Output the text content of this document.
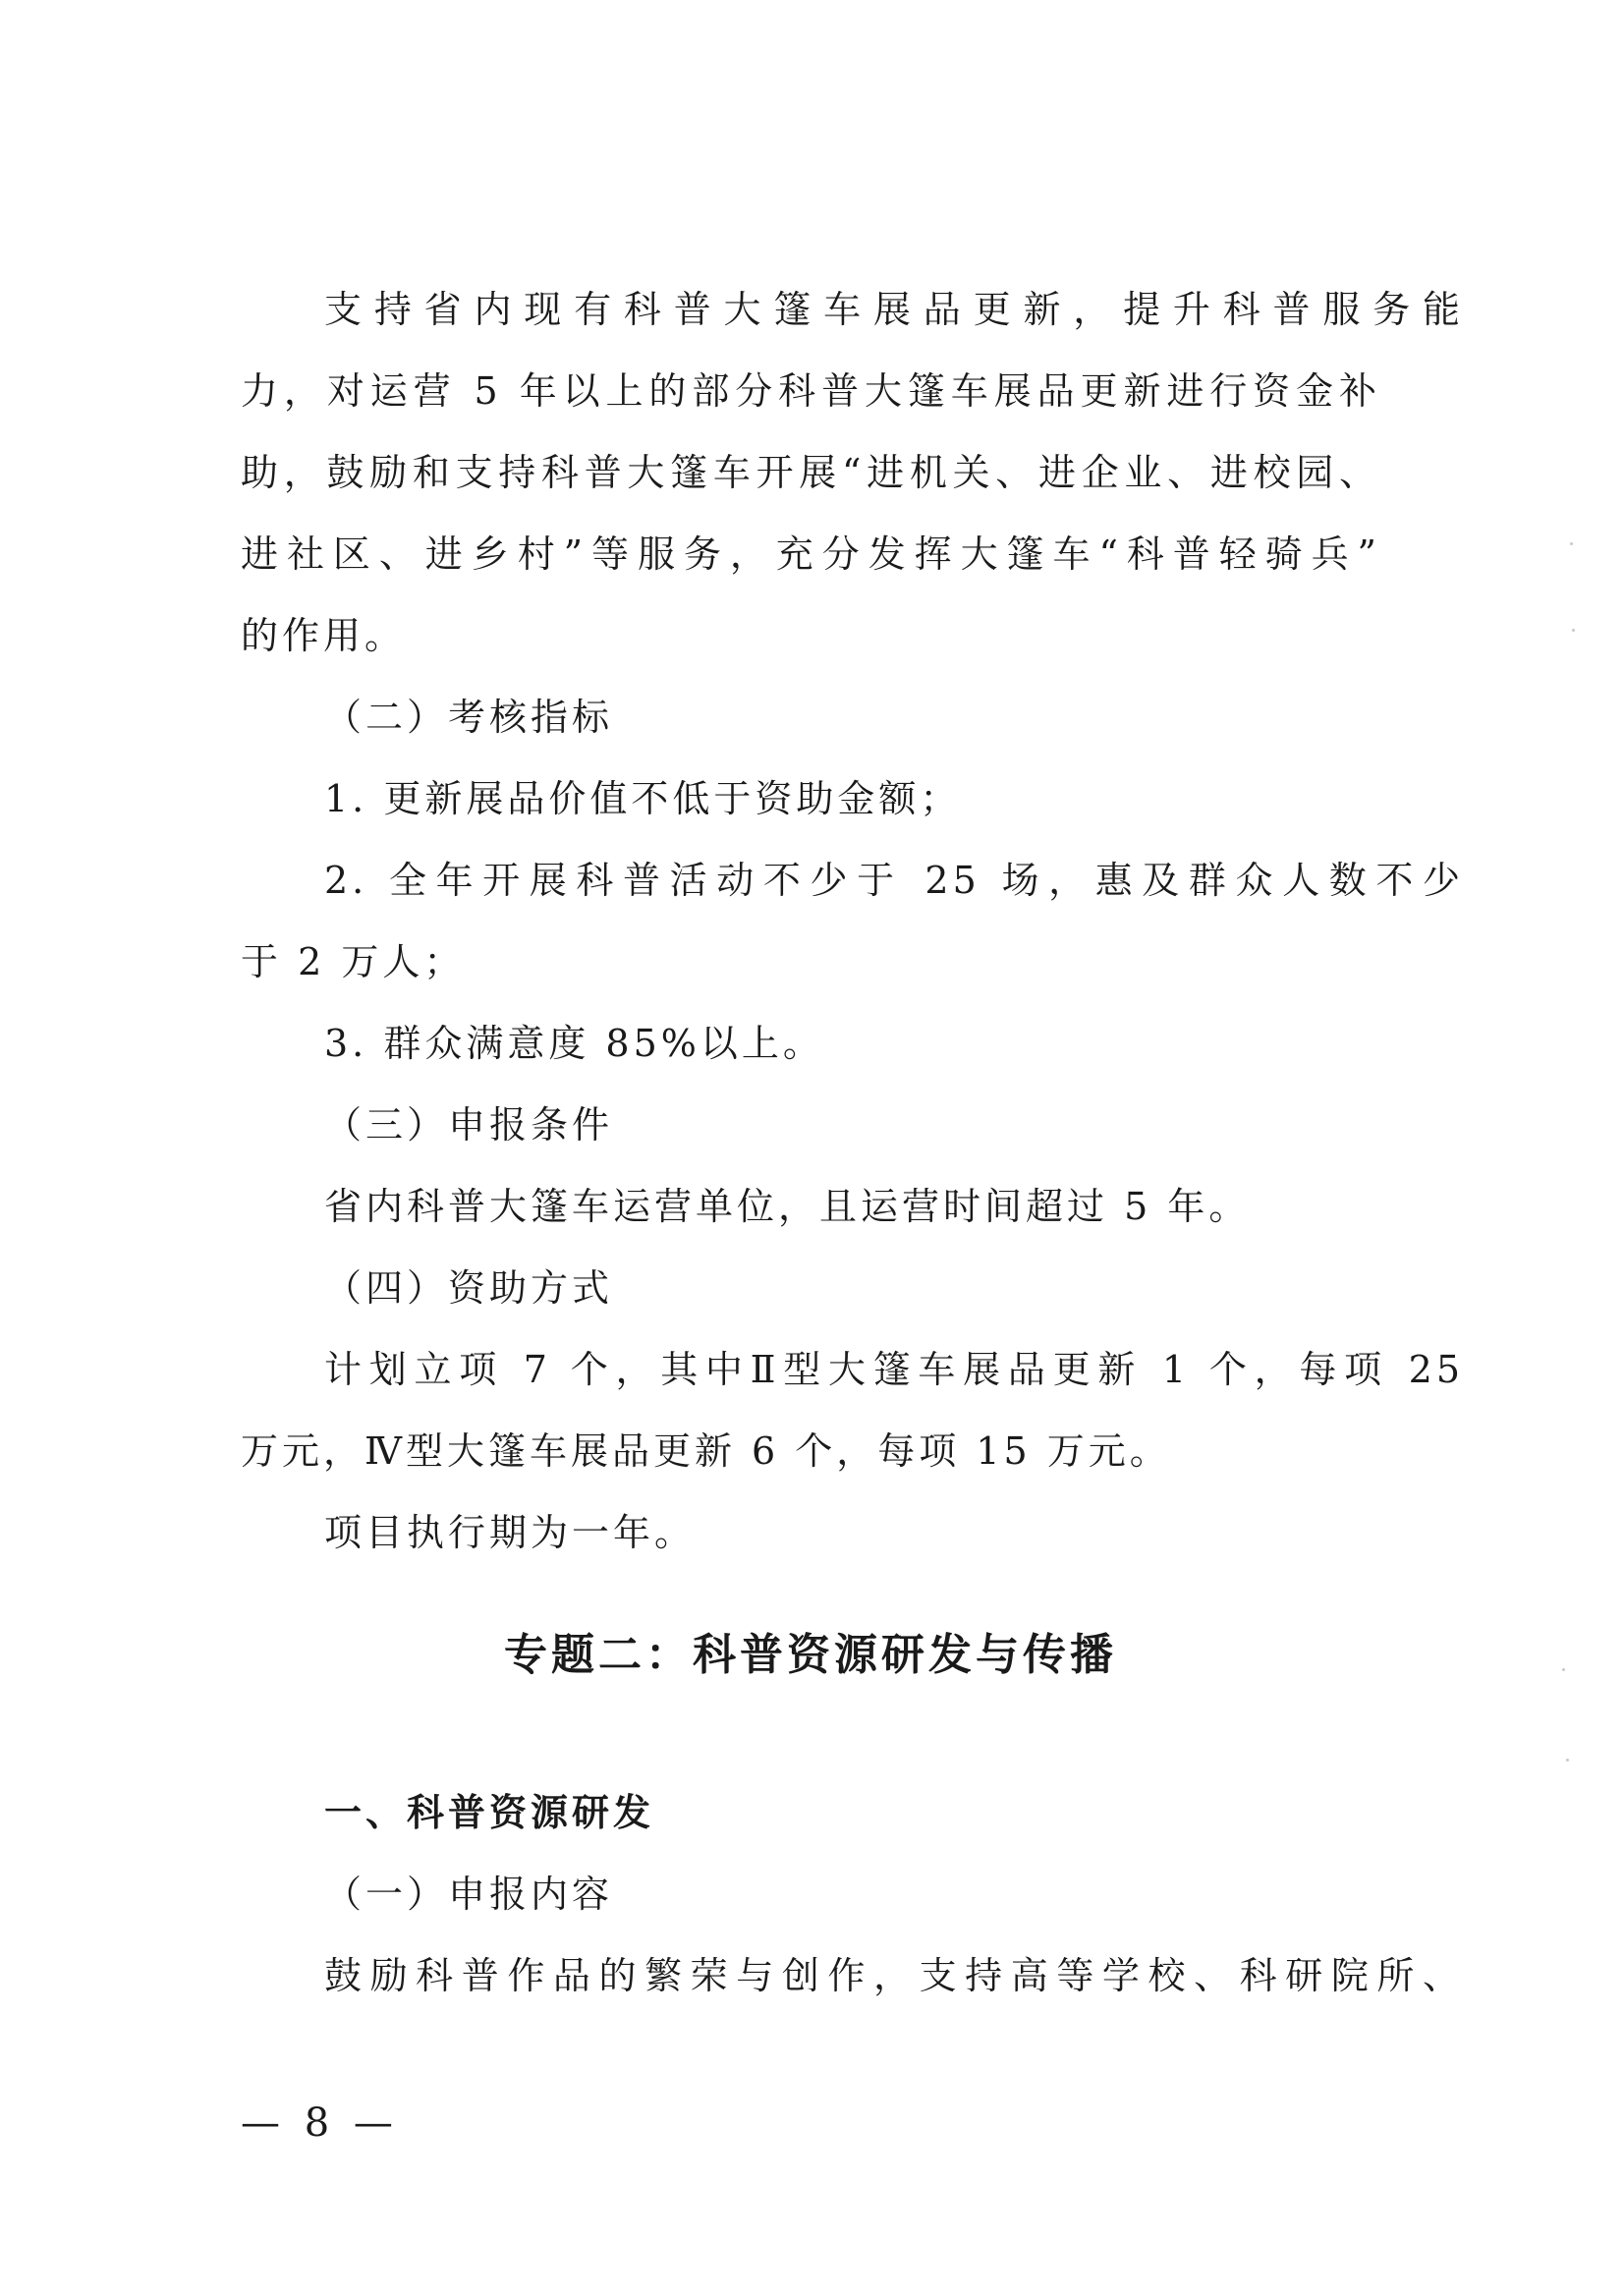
支持省内现有科普大篷车展品更新，提升科普服务能
力，对运营 5 年以上的部分科普大篷车展品更新进行资金补
助，鼓励和支持科普大篷车开展“进机关、进企业、进校园、
进社区、进乡村”等服务，充分发挥大篷车“科普轻骑兵”
的作用。
（二）考核指标
1. 更新展品价值不低于资助金额；
2. 全年开展科普活动不少于 25 场，惠及群众人数不少
于 2 万人；
3. 群众满意度 85%以上。
（三）申报条件
省内科普大篷车运营单位，且运营时间超过 5 年。
（四）资助方式
计划立项 7 个，其中Ⅱ型大篷车展品更新 1 个，每项 25
万元，Ⅳ型大篷车展品更新 6 个，每项 15 万元。
项目执行期为一年。
专题二：科普资源研发与传播
一、科普资源研发
（一）申报内容
鼓励科普作品的繁荣与创作，支持高等学校、科研院所、
— 8 —
